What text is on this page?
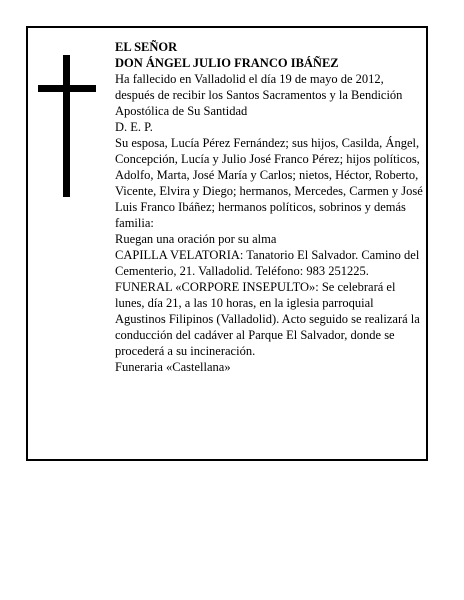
EL SEÑOR

DON ÁNGEL JULIO FRANCO IBÁÑEZ

Ha fallecido en Valladolid el día 19 de mayo de 2012, después de recibir los Santos Sacramentos y la Bendición Apostólica de Su Santidad

D. E. P.

Su esposa, Lucía Pérez Fernández; sus hijos, Casilda, Ángel, Concepción, Lucía y Julio José Franco Pérez; hijos políticos, Adolfo, Marta, José María y Carlos; nietos, Héctor, Roberto, Vicente, Elvira y Diego; hermanos, Mercedes, Carmen y José Luis Franco Ibáñez; hermanos políticos, sobrinos y demás familia:

Ruegan una oración por su alma

CAPILLA VELATORIA: Tanatorio El Salvador. Camino del Cementerio, 21. Valladolid. Teléfono: 983 251225.

FUNERAL «CORPORE INSEPULTO»: Se celebrará el lunes, día 21, a las 10 horas, en la iglesia parroquial Agustinos Filipinos (Valladolid). Acto seguido se realizará la conducción del cadáver al Parque El Salvador, donde se procederá a su incineración.

Funeraria «Castellana»
